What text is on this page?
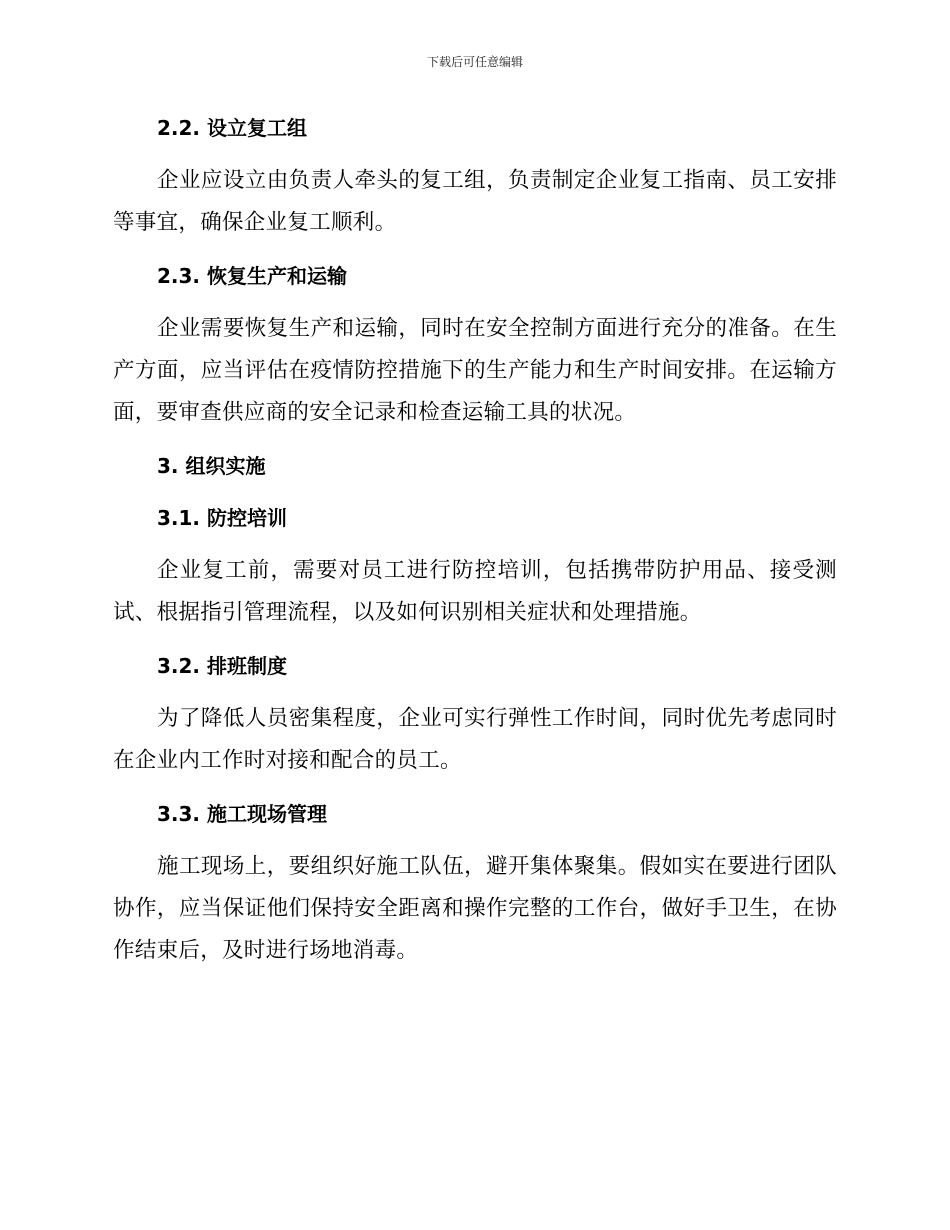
下载后可任意编辑
2.2. 设立复工组

企业应设立由负责人牵头的复工组，负责制定企业复工指南、员工安排等事宜，确保企业复工顺利。

2.3. 恢复生产和运输

企业需要恢复生产和运输，同时在安全控制方面进行充分的准备。在生产方面，应当评估在疫情防控措施下的生产能力和生产时间安排。在运输方面，要审查供应商的安全记录和检查运输工具的状况。

3. 组织实施
3.1. 防控培训

企业复工前，需要对员工进行防控培训，包括携带防护用品、接受测试、根据指引管理流程，以及如何识别相关症状和处理措施。

3.2. 排班制度

为了降低人员密集程度，企业可实行弹性工作时间，同时优先考虑同时在企业内工作时对接和配合的员工。

3.3. 施工现场管理

施工现场上，要组织好施工队伍，避开集体聚集。假如实在要进行团队协作，应当保证他们保持安全距离和操作完整的工作台，做好手卫生，在协作结束后，及时进行场地消毒。
